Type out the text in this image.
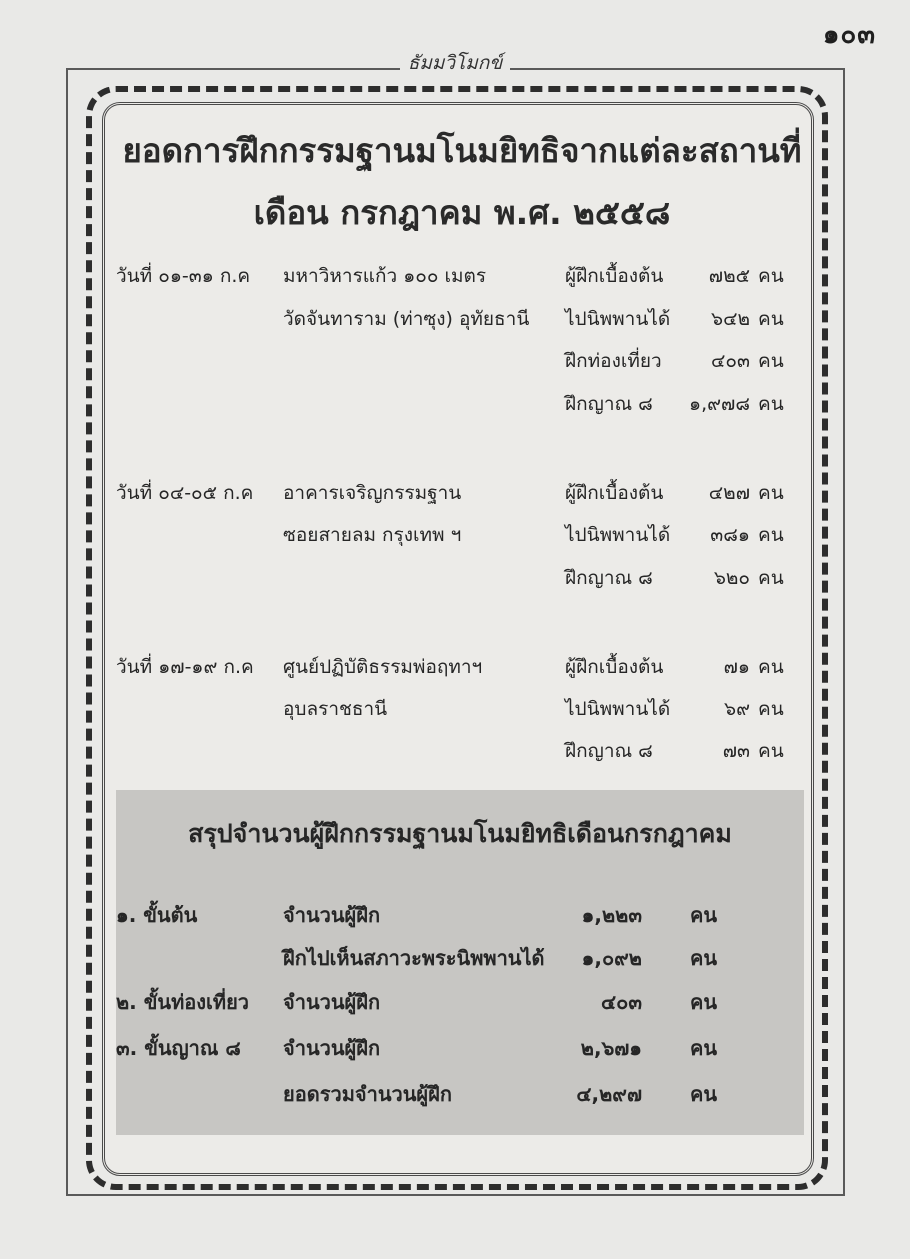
๑๐๓
ธัมมวิโมกข์
ยอดการฝึกกรรมฐานมโนมยิทธิจากแต่ละสถานที่
เดือน กรกฎาคม พ.ศ. ๒๕๕๘
วันที่ ๐๑-๓๑ ก.ค มหาวิหารแก้ว ๑๐๐ เมตร
วัดจันทาราม (ท่าซุง) อุทัยธานี
ผู้ฝึกเบื้องต้น	๗๒๕ คน
ไปนิพพานได้	๖๔๒ คน
ฝึกท่องเที่ยว	๔๐๓ คน
ฝึกญาณ ๘	๑,๙๗๘ คน
วันที่ ๐๔-๐๕ ก.ค อาคารเจริญกรรมฐาน
ซอยสายลม กรุงเทพ ฯ
ผู้ฝึกเบื้องต้น	๔๒๗ คน
ไปนิพพานได้	๓๘๑ คน
ฝึกญาณ ๘	๖๒๐ คน
วันที่ ๑๗-๑๙ ก.ค ศูนย์ปฏิบัติธรรมพ่อฤทาฯ
อุบลราชธานี
ผู้ฝึกเบื้องต้น	๗๑ คน
ไปนิพพานได้	๖๙ คน
ฝึกญาณ ๘	๗๓ คน
สรุปจำนวนผู้ฝึกกรรมฐานมโนมยิทธิเดือนกรกฎาคม
๑. ขั้นต้น	จำนวนผู้ฝึก	๑,๒๒๓ คน
ฝึกไปเห็นสภาวะพระนิพพานได้	๑,๐๙๒ คน
๒. ขั้นท่องเที่ยว จำนวนผู้ฝึก	๔๐๓ คน
๓. ขั้นญาณ ๘ จำนวนผู้ฝึก	๒,๖๗๑ คน
ยอดรวมจำนวนผู้ฝึก	๔,๒๙๗ คน
